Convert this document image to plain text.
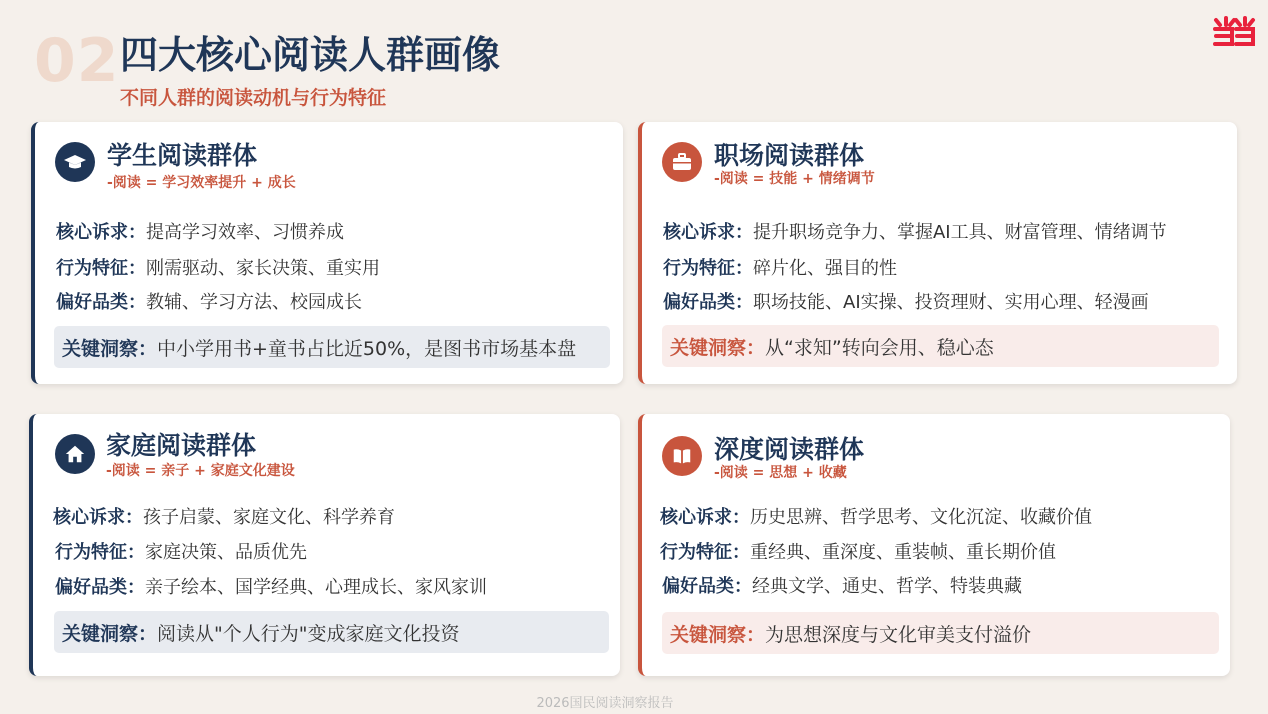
02 四大核心阅读人群画像
不同人群的阅读动机与行为特征
学生阅读群体
-阅读 = 学习效率提升 + 成长
核心诉求：提高学习效率、习惯养成
行为特征：刚需驱动、家长决策、重实用
偏好品类：教辅、学习方法、校园成长
关键洞察： 中小学用书+童书占比近50%，是图书市场基本盘
职场阅读群体
-阅读 = 技能 + 情绪调节
核心诉求：提升职场竞争力、掌握AI工具、财富管理、情绪调节
行为特征：碎片化、强目的性
偏好品类：职场技能、AI实操、投资理财、实用心理、轻漫画
关键洞察： 从“求知”转向会用、稳心态
家庭阅读群体
-阅读 = 亲子 + 家庭文化建设
核心诉求：孩子启蒙、家庭文化、科学养育
行为特征：家庭决策、品质优先
偏好品类：亲子绘本、国学经典、心理成长、家风家训
关键洞察： 阅读从"个人行为"变成家庭文化投资
深度阅读群体
-阅读 = 思想 + 收藏
核心诉求：历史思辨、哲学思考、文化沉淀、收藏价值
行为特征：重经典、重深度、重装帧、重长期价值
偏好品类：经典文学、通史、哲学、特装典藏
关键洞察： 为思想深度与文化审美支付溢价
2026国民阅读洞察报告
